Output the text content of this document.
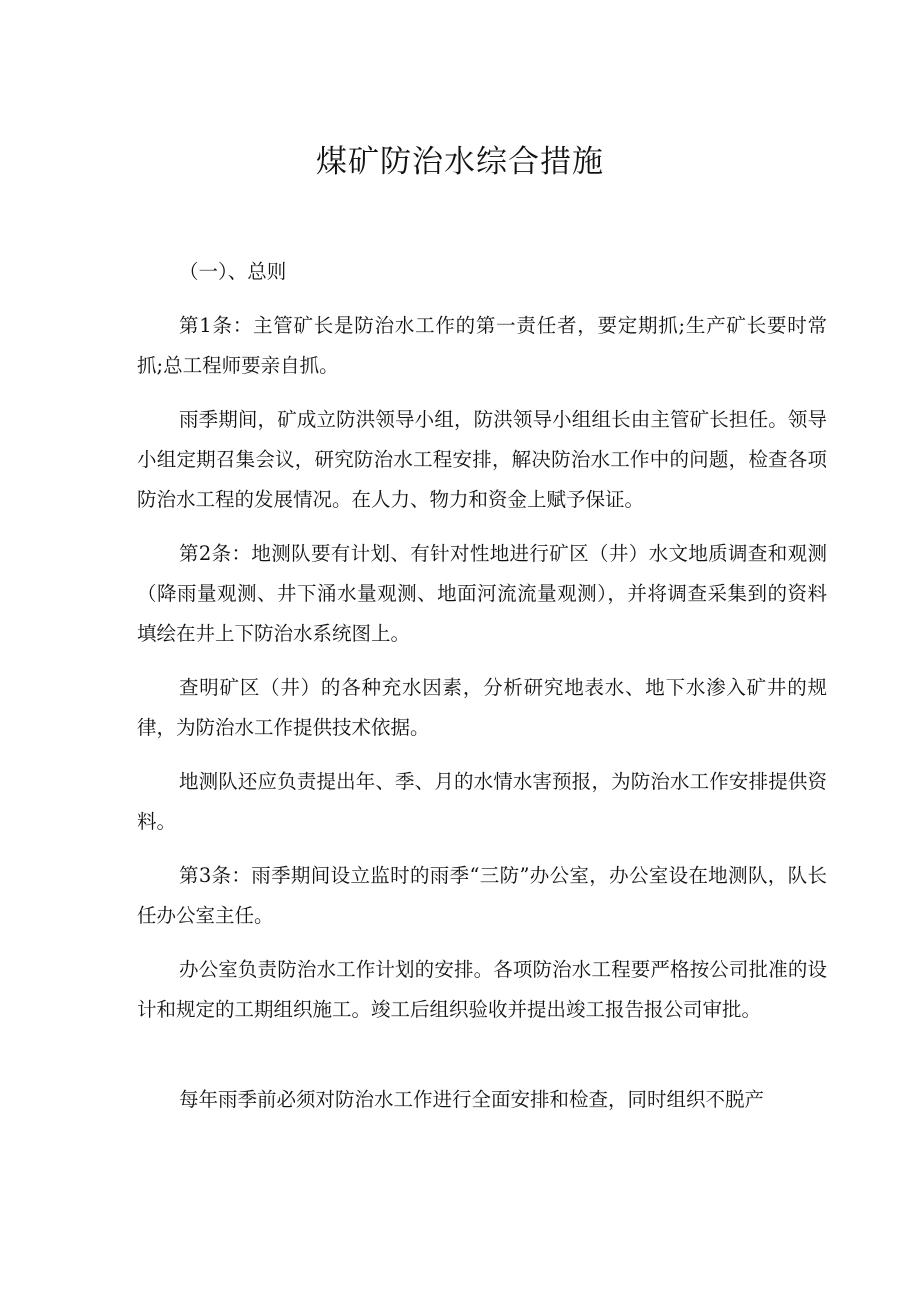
煤矿防治水综合措施

（一）、总则

第1条：主管矿长是防治水工作的第一责任者，要定期抓;生产矿长要时常抓;总工程师要亲自抓。

雨季期间，矿成立防洪领导小组，防洪领导小组组长由主管矿长担任。领导小组定期召集会议，研究防治水工程安排，解决防治水工作中的问题，检查各项防治水工程的发展情况。在人力、物力和资金上赋予保证。

第2条：地测队要有计划、有针对性地进行矿区（井）水文地质调查和观测（降雨量观测、井下涌水量观测、地面河流流量观测），并将调查采集到的资料填绘在井上下防治水系统图上。

查明矿区（井）的各种充水因素，分析研究地表水、地下水渗入矿井的规律，为防治水工作提供技术依据。

地测队还应负责提出年、季、月的水情水害预报，为防治水工作安排提供资料。

第3条：雨季期间设立监时的雨季“三防”办公室，办公室设在地测队，队长任办公室主任。

办公室负责防治水工作计划的安排。各项防治水工程要严格按公司批准的设计和规定的工期组织施工。竣工后组织验收并提出竣工报告报公司审批。

每年雨季前必须对防治水工作进行全面安排和检查，同时组织不脱产
